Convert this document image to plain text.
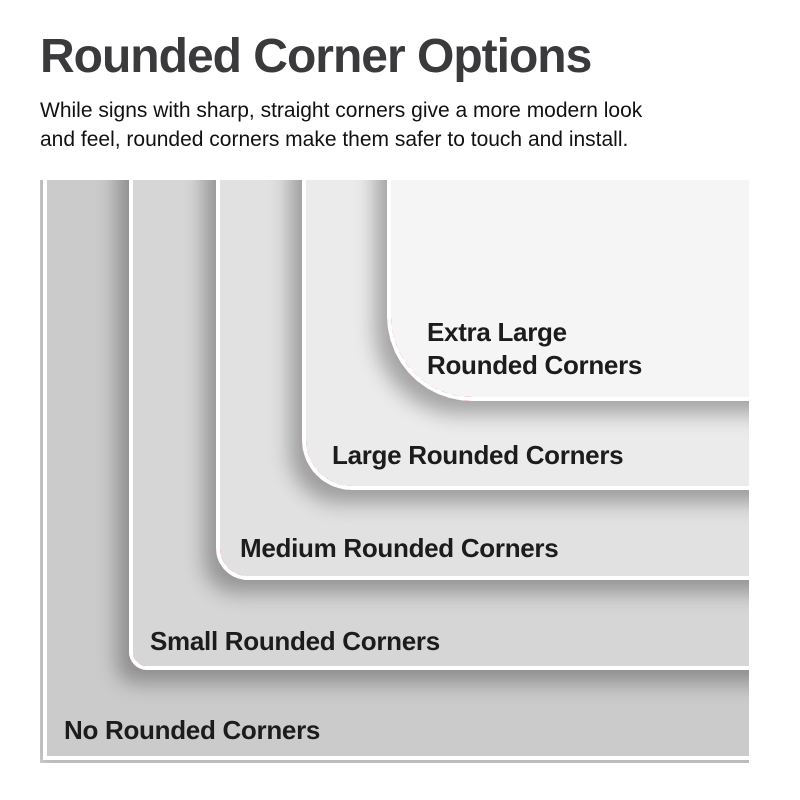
Rounded Corner Options
While signs with sharp, straight corners give a more modern look
and feel, rounded corners make them safer to touch and install.
No Rounded Corners
Small Rounded Corners
Medium Rounded Corners
Large Rounded Corners
Extra Large
Rounded Corners
